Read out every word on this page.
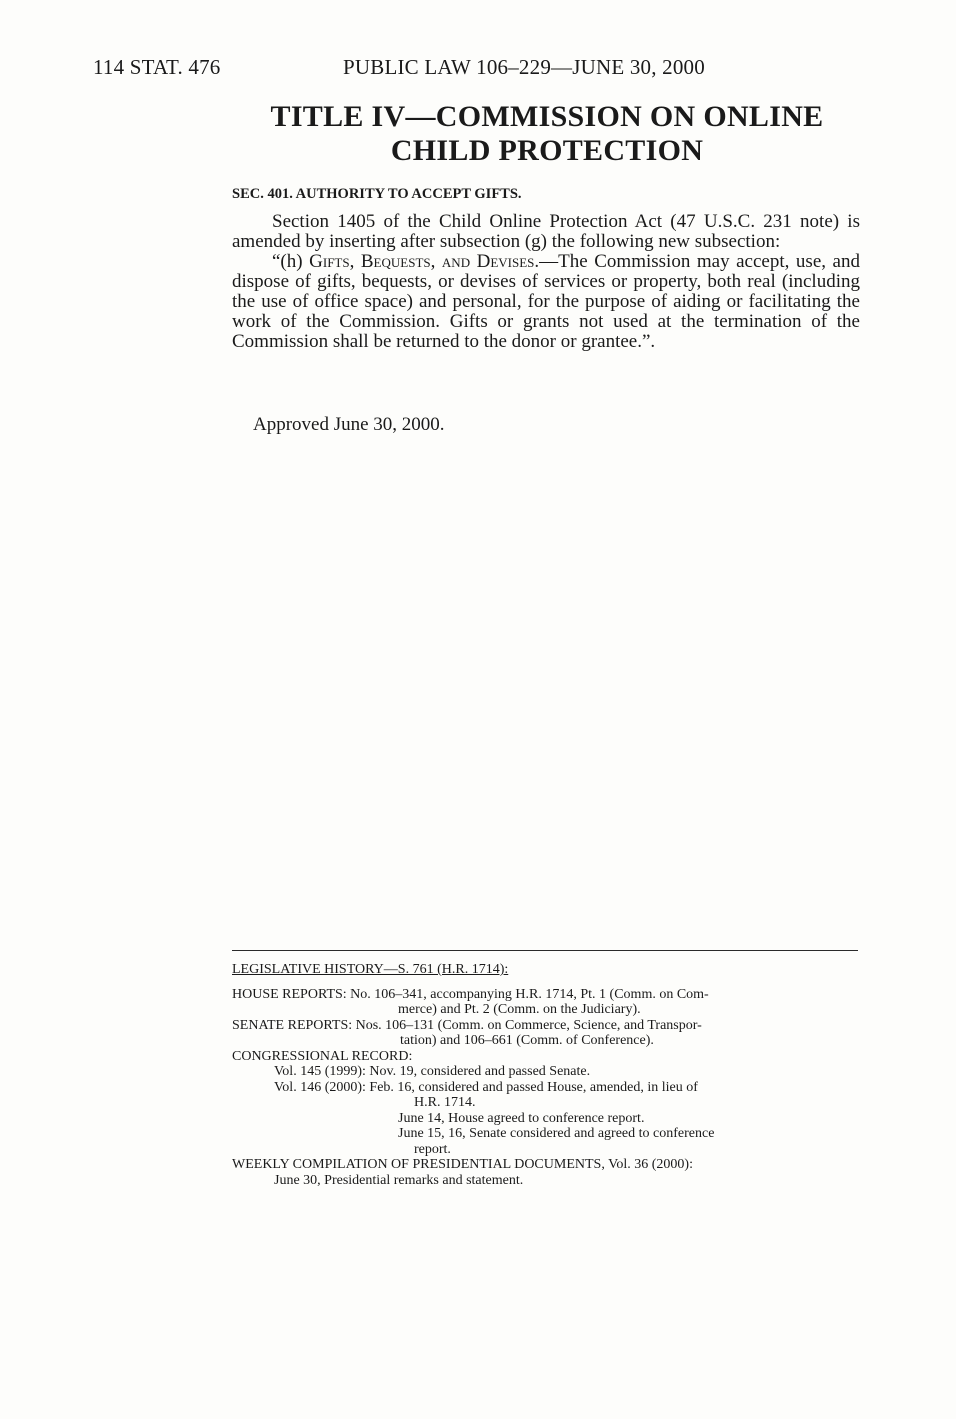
114 STAT. 476	PUBLIC LAW 106–229—JUNE 30, 2000
TITLE IV—COMMISSION ON ONLINE
CHILD PROTECTION
SEC. 401. AUTHORITY TO ACCEPT GIFTS.

Section 1405 of the Child Online Protection Act (47 U.S.C. 231 note) is amended by inserting after subsection (g) the following new subsection:

“(h) Gifts, Bequests, and Devises.—The Commission may accept, use, and dispose of gifts, bequests, or devises of services or property, both real (including the use of office space) and personal, for the purpose of aiding or facilitating the work of the Commission. Gifts or grants not used at the termination of the Commission shall be returned to the donor or grantee.”.

Approved June 30, 2000.
LEGISLATIVE HISTORY—S. 761 (H.R. 1714):
HOUSE REPORTS: No. 106–341, accompanying H.R. 1714, Pt. 1 (Comm. on Com-
merce) and Pt. 2 (Comm. on the Judiciary).
SENATE REPORTS: Nos. 106–131 (Comm. on Commerce, Science, and Transpor-
tation) and 106–661 (Comm. of Conference).
CONGRESSIONAL RECORD:
Vol. 145 (1999): Nov. 19, considered and passed Senate.
Vol. 146 (2000): Feb. 16, considered and passed House, amended, in lieu of
H.R. 1714.
June 14, House agreed to conference report.
June 15, 16, Senate considered and agreed to conference
report.
WEEKLY COMPILATION OF PRESIDENTIAL DOCUMENTS, Vol. 36 (2000):
June 30, Presidential remarks and statement.
